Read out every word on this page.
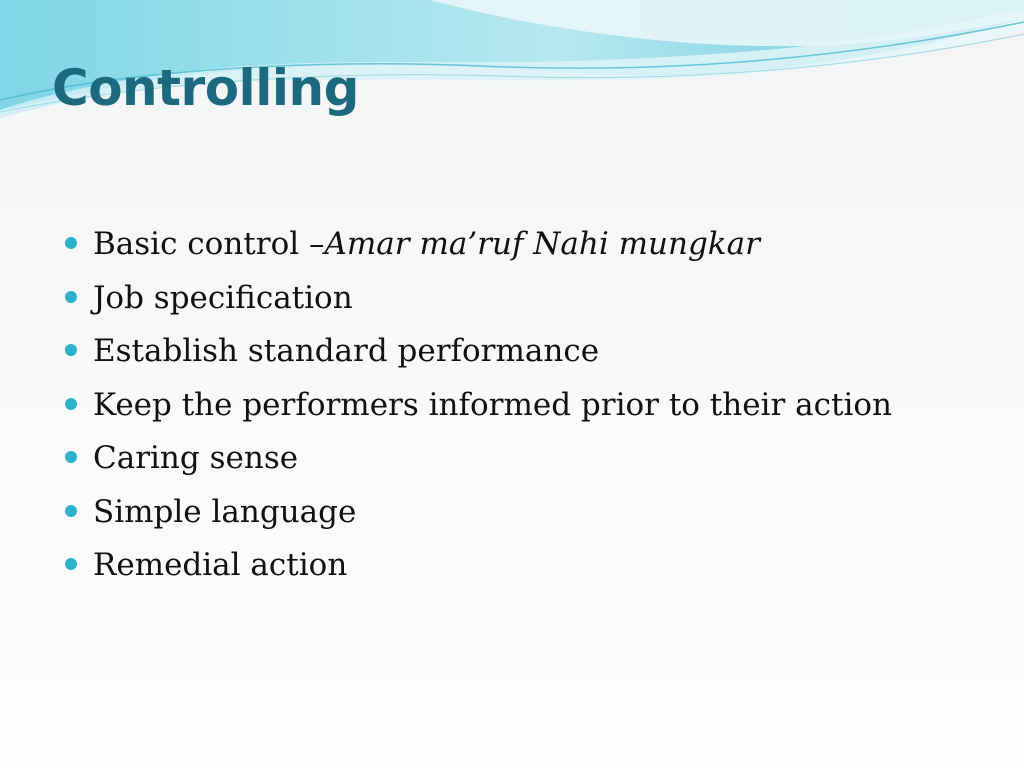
Controlling
Basic control –Amar ma’ruf Nahi mungkar
Job specification
Establish standard performance
Keep the performers informed prior to their action
Caring sense
Simple language
Remedial action
